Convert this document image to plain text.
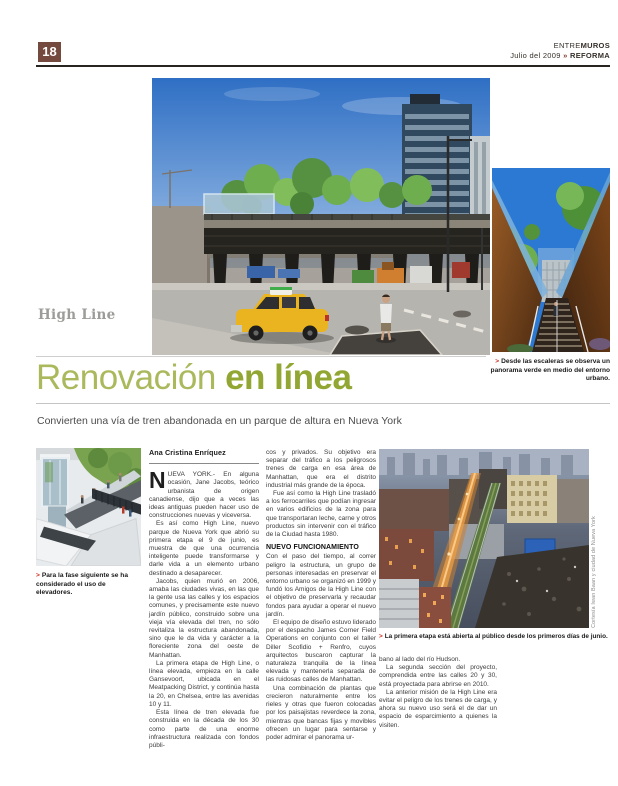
18	ENTREMUROS
Julio del 2009 » REFORMA
High Line
> Desde las escaleras se observa un panorama verde en medio del entorno urbano.
Renovación en línea
Convierten una vía de tren abandonada en un parque de altura en Nueva York
> Para la fase siguiente se ha considerado el uso de elevadores.
Ana Cristina Enríquez

NUEVA YORK.- En alguna ocasión, Jane Jacobs, teórico urbanista de origen canadiense, dijo que a veces las ideas antiguas pueden hacer uso de construcciones nuevas y viceversa.

Es así como High Line, nuevo parque de Nueva York que abrió su primera etapa el 9 de junio, es muestra de que una ocurrencia inteligente puede transformarse y darle vida a un elemento urbano destinado a desaparecer.

Jacobs, quien murió en 2006, amaba las ciudades vivas, en las que la gente usa las calles y los espacios comunes, y precisamente este nuevo jardín público, construido sobre una vieja vía elevada del tren, no sólo revitaliza la estructura abandonada, sino que le da vida y carácter a la floreciente zona del oeste de Manhattan.

La primera etapa de High Line, o línea elevada, empieza en la calle Gansevoort, ubicada en el Meatpacking District, y continúa hasta la 20, en Chelsea, entre las avenidas 10 y 11.

Esta línea de tren elevada fue construida en la década de los 30 como parte de una enorme infraestructura realizada con fondos públi-

cos y privados. Su objetivo era separar del tráfico a los peligrosos trenes de carga en esa área de Manhattan, que era el distrito industrial más grande de la época.

Fue así como la High Line trasladó a los ferrocarriles que podían ingresar en varios edificios de la zona para que transportaran leche, carne y otros productos sin intervenir con el tráfico de la Ciudad hasta 1980.

NUEVO FUNCIONAMIENTO

Con el paso del tiempo, al correr peligro la estructura, un grupo de personas interesadas en preservar el entorno urbano se organizó en 1999 y fundó los Amigos de la High Line con el objetivo de preservarla y recaudar fondos para ayudar a operar el nuevo jardín.

El equipo de diseño estuvo liderado por el despacho James Corner Field Operations en conjunto con el taller Diller Scofidio + Renfro, cuyos arquitectos buscaron capturar la naturaleza tranquila de la línea elevada y mantenerla separada de las ruidosas calles de Manhattan.

Una combinación de plantas que crecieron naturalmente entre los rieles y otras que fueron colocadas por los paisajistas reverdece la zona, mientras que bancas fijas y movibles ofrecen un lugar para sentarse y poder admirar el panorama ur-

Cortesía Iwan Baan y ciudad de Nueva York
> La primera etapa está abierta al público desde los primeros días de junio.

bano al lado del río Hudson.

La segunda sección del proyecto, comprendida entre las calles 20 y 30, está proyectada para abrirse en 2010.

La anterior misión de la High Line era evitar el peligro de los trenes de carga, y ahora su nuevo uso será el de dar un espacio de esparcimiento a quienes la visiten.
